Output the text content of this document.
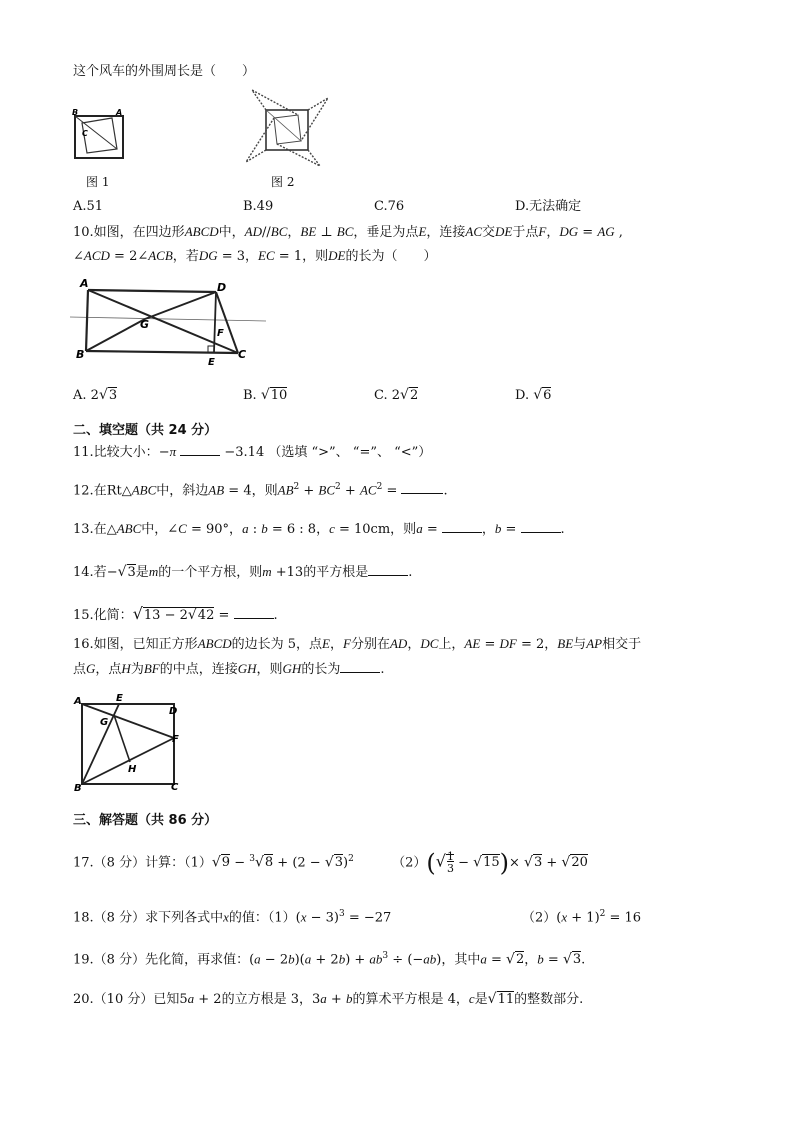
这个风车的外围周长是（　　）
B	A
C
图 1	图 2
A.51	B.49	C.76	D.无法确定
10.如图，在四边形ABCD中，AD//BC，BE ⊥ BC，垂足为点E，连接AC交DE于点F，DG = AG ,
∠ACD = 2∠ACB，若DG = 3，EC = 1，则DE的长为（　　）
A	D
G
F
B
E
C
A. 2√3	B. √10	C. 2√2	D. √6
二、填空题（共 24 分）
11.比较大小：−π	−3.14 （选填 “>”、 “=”、 “<”）
12.在Rt△ABC中，斜边AB = 4，则$AB^2 + BC^2 + AC^2$ =	.
13.在△ABC中，∠C = 90°，a : b = 6 : 8，c = 10cm，则a =	，b =	.
14.若−√3是m的一个平方根，则m +13的平方根是	.
15.化简：√13 − 2√42 =	.
16.如图，已知正方形ABCD的边长为 5，点E，F分别在AD，DC上，AE = DF = 2，BE与AP相交于
点G，点H为BF的中点，连接GH，则GH的长为	.
A	E
D
G
F
H
B	C
三、解答题（共 86 分）
17.（8 分）计算：$(1)√9 - ^3√8 + (2 - √3)^2$	（2）(√1
3 − √15)× √3 + √20
18.（8 分）求下列各式中x的值：$(1)(x - 3)^3 = -27$	$(2)(x + 1)^2 = 16$
19.（8 分）先化简，再求值：$(a - 2b)(a + 2b) + ab^3 \div (-ab)$，其中a = √2，b = √3.
20.（10 分）已知5a + 2的立方根是 3，3a + b的算术平方根是 4，c是√11的整数部分.
